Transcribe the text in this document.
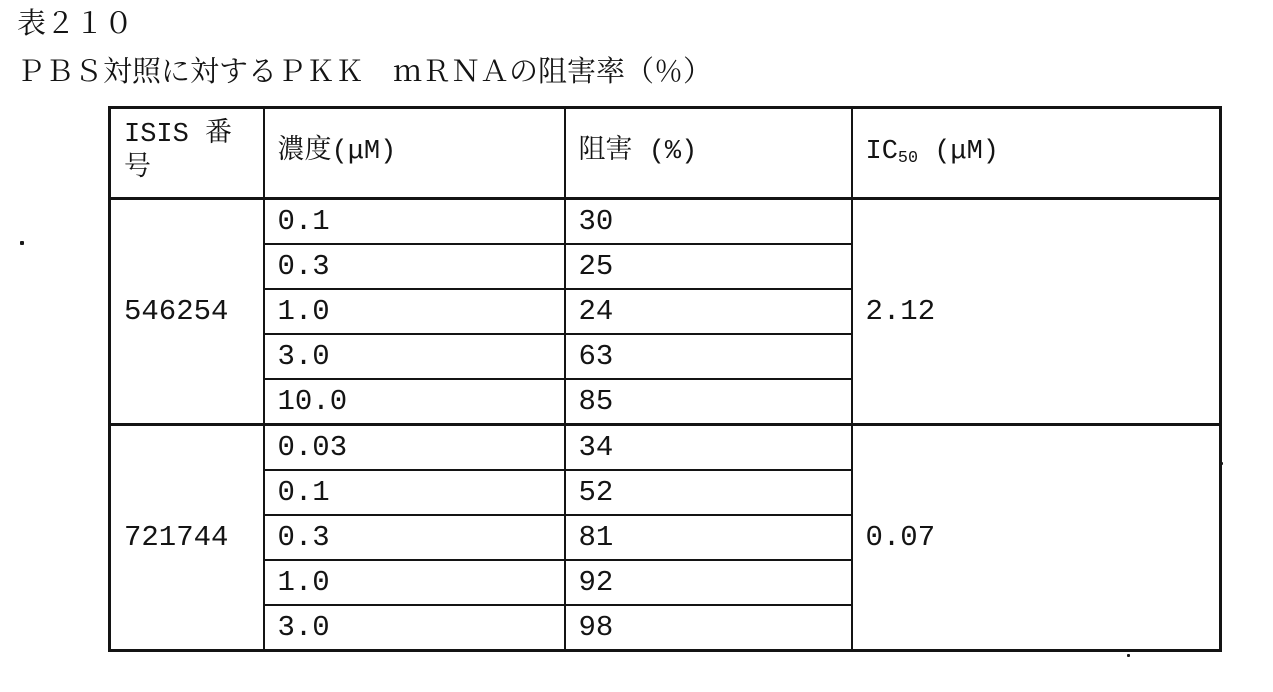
表２１０
ＰＢＳ対照に対するＰＫＫ　ｍＲＮＡの阻害率（％）
ISIS 番号	濃度(μM)	阻害 (%)	$IC_{50}$ (μM)
546254	0.1	30	2.12
	0.3	25	
	1.0	24	
	3.0	63	
	10.0	85	
721744	0.03	34	0.07
	0.1	52	
	0.3	81	
	1.0	92	
	3.0	98	
